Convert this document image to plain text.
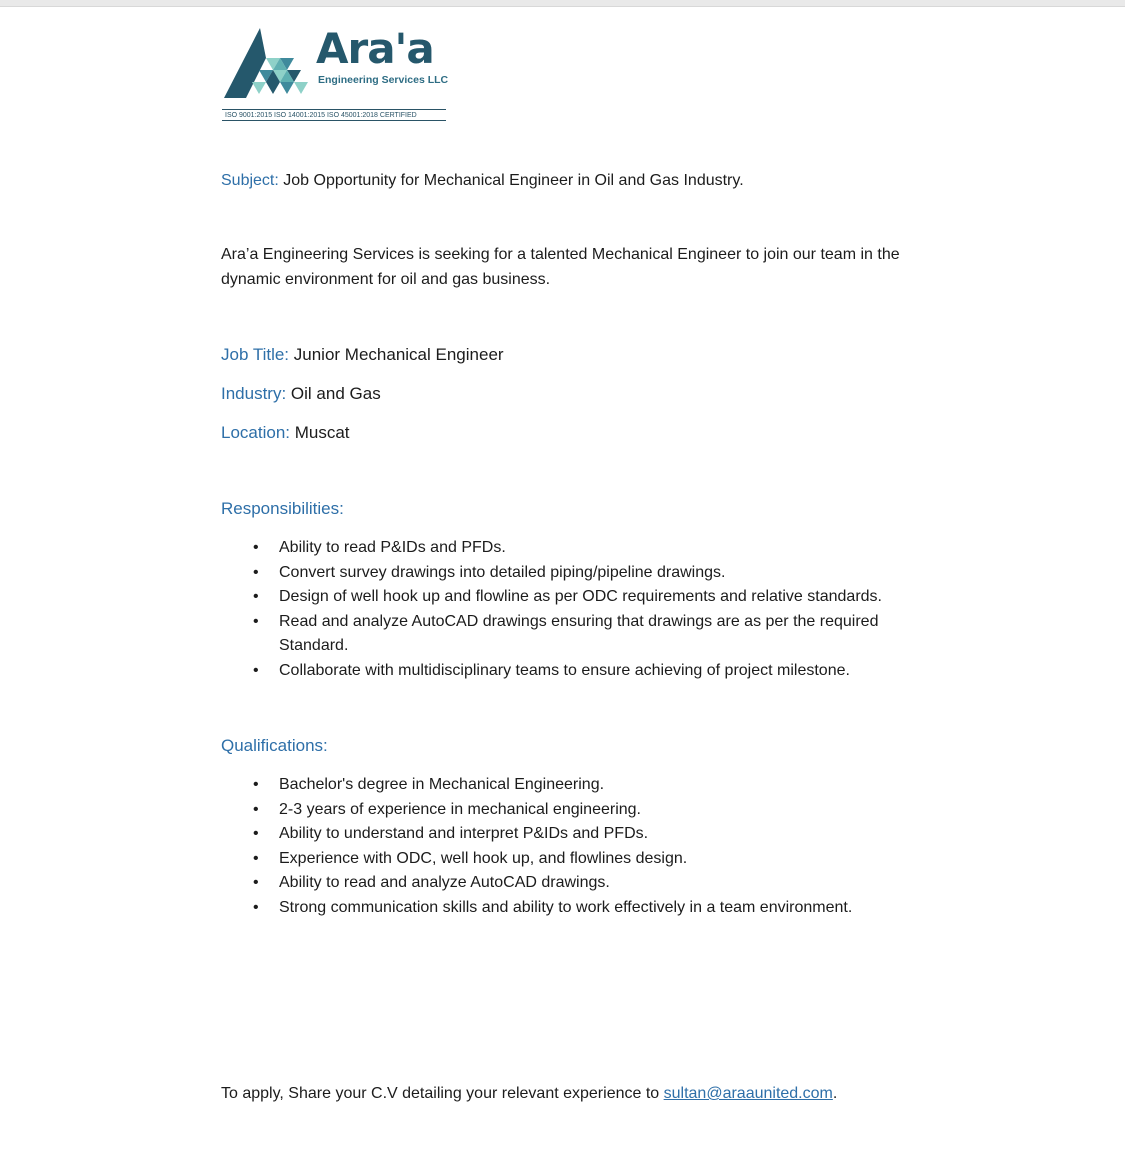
Ara'a
Engineering Services LLC
ISO 9001:2015 ISO 14001:2015 ISO 45001:2018 CERTIFIED
Subject: Job Opportunity for Mechanical Engineer in Oil and Gas Industry.
Ara’a Engineering Services is seeking for a talented Mechanical Engineer to join our team in the dynamic environment for oil and gas business.
Job Title: Junior Mechanical Engineer
Industry: Oil and Gas
Location: Muscat
Responsibilities:
• Ability to read P&IDs and PFDs.
• Convert survey drawings into detailed piping/pipeline drawings.
• Design of well hook up and flowline as per ODC requirements and relative standards.
• Read and analyze AutoCAD drawings ensuring that drawings are as per the required Standard.
• Collaborate with multidisciplinary teams to ensure achieving of project milestone.
Qualifications:
• Bachelor's degree in Mechanical Engineering.
• 2-3 years of experience in mechanical engineering.
• Ability to understand and interpret P&IDs and PFDs.
• Experience with ODC, well hook up, and flowlines design.
• Ability to read and analyze AutoCAD drawings.
• Strong communication skills and ability to work effectively in a team environment.
To apply, Share your C.V detailing your relevant experience to sultan@araaunited.com.
